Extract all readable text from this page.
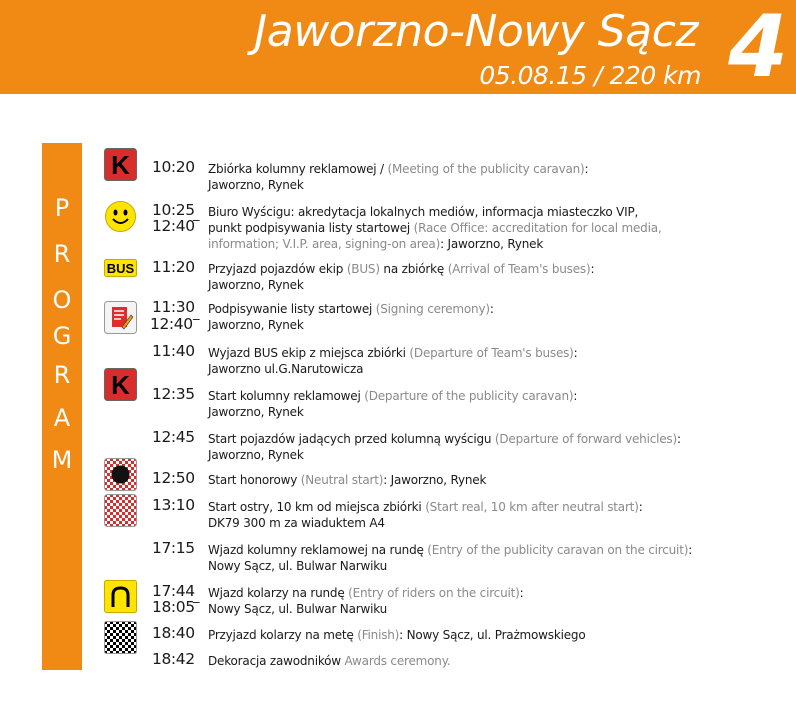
Jaworzno-Nowy Sącz
05.08.15 / 220 km 4
P
R
O
G
R
A
M
K
BUS
K
10:20
10:25
_
12:40
11:20
11:30
_
12:40
11:40
12:35
12:45
12:50
13:10
17:15
17:44
_
18:05
18:40
18:42
Zbiórka kolumny reklamowej / (Meeting of the publicity caravan):
Jaworzno, Rynek
Biuro Wyścigu: akredytacja lokalnych mediów, informacja miasteczko VIP,
punkt podpisywania listy startowej (Race Office: accreditation for local media,
information; V.I.P. area, signing-on area): Jaworzno, Rynek
Przyjazd pojazdów ekip (BUS) na zbiórkę (Arrival of Team's buses):
Jaworzno, Rynek
Podpisywanie listy startowej (Signing ceremony):
Jaworzno, Rynek
Wyjazd BUS ekip z miejsca zbiórki (Departure of Team's buses):
Jaworzno ul.G.Narutowicza
Start kolumny reklamowej (Departure of the publicity caravan):
Jaworzno, Rynek
Start pojazdów jadących przed kolumną wyścigu (Departure of forward vehicles):
Jaworzno, Rynek
Start honorowy (Neutral start): Jaworzno, Rynek
Start ostry, 10 km od miejsca zbiórki (Start real, 10 km after neutral start):
DK79 300 m za wiaduktem A4
Wjazd kolumny reklamowej na rundę (Entry of the publicity caravan on the circuit):
Nowy Sącz, ul. Bulwar Narwiku
Wjazd kolarzy na rundę (Entry of riders on the circuit):
Nowy Sącz, ul. Bulwar Narwiku
Przyjazd kolarzy na metę (Finish): Nowy Sącz, ul. Prażmowskiego
Dekoracja zawodników Awards ceremony.
